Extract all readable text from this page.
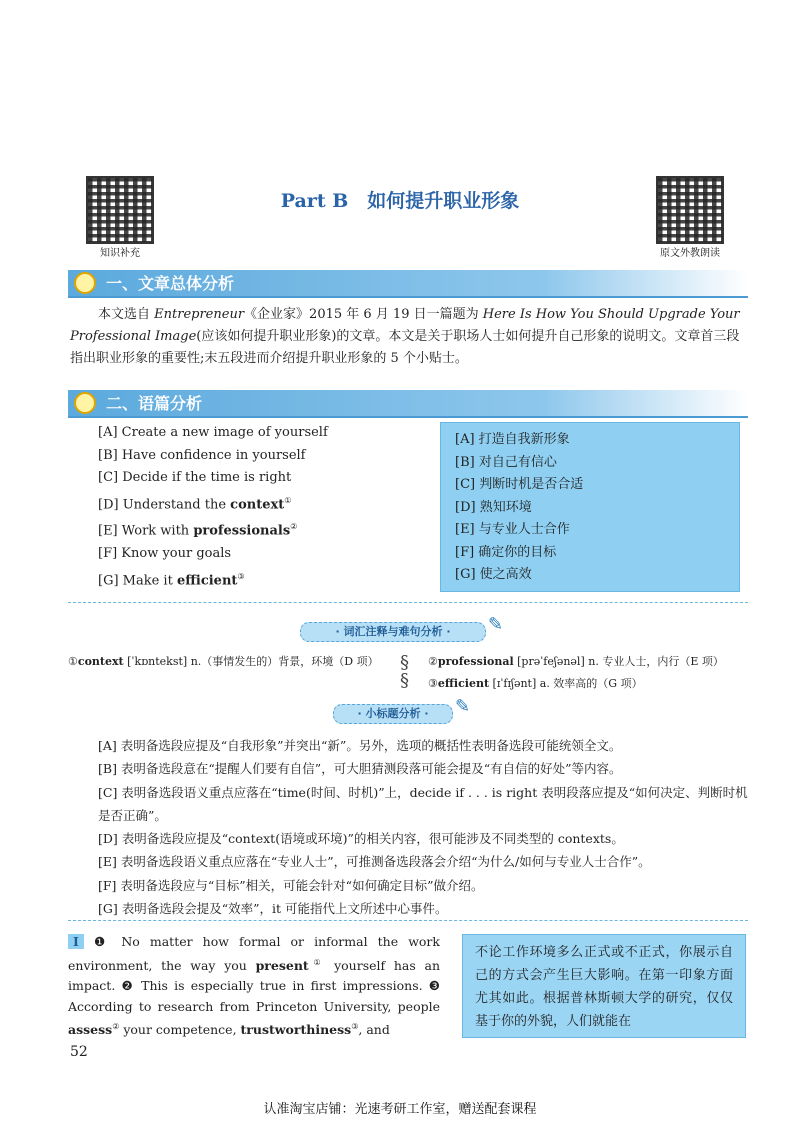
知识补充	原文外教朗读
Part B　如何提升职业形象
一、文章总体分析
本文选自 Entrepreneur《企业家》2015 年 6 月 19 日一篇题为 Here Is How You Should Upgrade Your Professional Image(应该如何提升职业形象)的文章。本文是关于职场人士如何提升自己形象的说明文。文章首三段指出职业形象的重要性;末五段进而介绍提升职业形象的 5 个小贴士。
二、语篇分析
[A] Create a new image of yourself
[B] Have confidence in yourself
[C] Decide if the time is right
[D] Understand the context①
[E] Work with professionals②
[F] Know your goals
[G] Make it efficient③
[A] 打造自我新形象
[B] 对自己有信心
[C] 判断时机是否合适
[D] 熟知环境
[E] 与专业人士合作
[F] 确定你的目标
[G] 使之高效
· 词汇注释与难句分析 ·	✎
①context [ˈkɒntekst] n.（事情发生的）背景，环境（D 项）	§
§
②professional [prəˈfeʃənəl] n. 专业人士，内行（E 项）
③efficient [ɪˈfɪʃənt] a. 效率高的（G 项）
· 小标题分析 ·	✎
[A] 表明备选段应提及“自我形象”并突出“新”。另外，选项的概括性表明备选段可能统领全文。
[B] 表明备选段意在“提醒人们要有自信”，可大胆猜测段落可能会提及“有自信的好处”等内容。
[C] 表明备选段语义重点应落在“time(时间、时机)”上，decide if . . . is right 表明段落应提及“如何决定、判断时机是否正确”。
[D] 表明备选段应提及“context(语境或环境)”的相关内容，很可能涉及不同类型的 contexts。
[E] 表明备选段语义重点应落在“专业人士”，可推测备选段落会介绍“为什么/如何与专业人士合作”。
[F] 表明备选段应与“目标”相关，可能会针对“如何确定目标”做介绍。
[G] 表明备选段会提及“效率”，it 可能指代上文所述中心事件。
I ❶ No matter how formal or informal the work environment, the way you present① yourself has an impact. ❷ This is especially true in first impressions. ❸ According to research from Princeton University, people assess② your competence, trustworthiness③, and
不论工作环境多么正式或不正式，你展示自己的方式会产生巨大影响。在第一印象方面尤其如此。根据普林斯顿大学的研究，仅仅基于你的外貌，人们就能在
52
认准淘宝店铺：光速考研工作室，赠送配套课程
